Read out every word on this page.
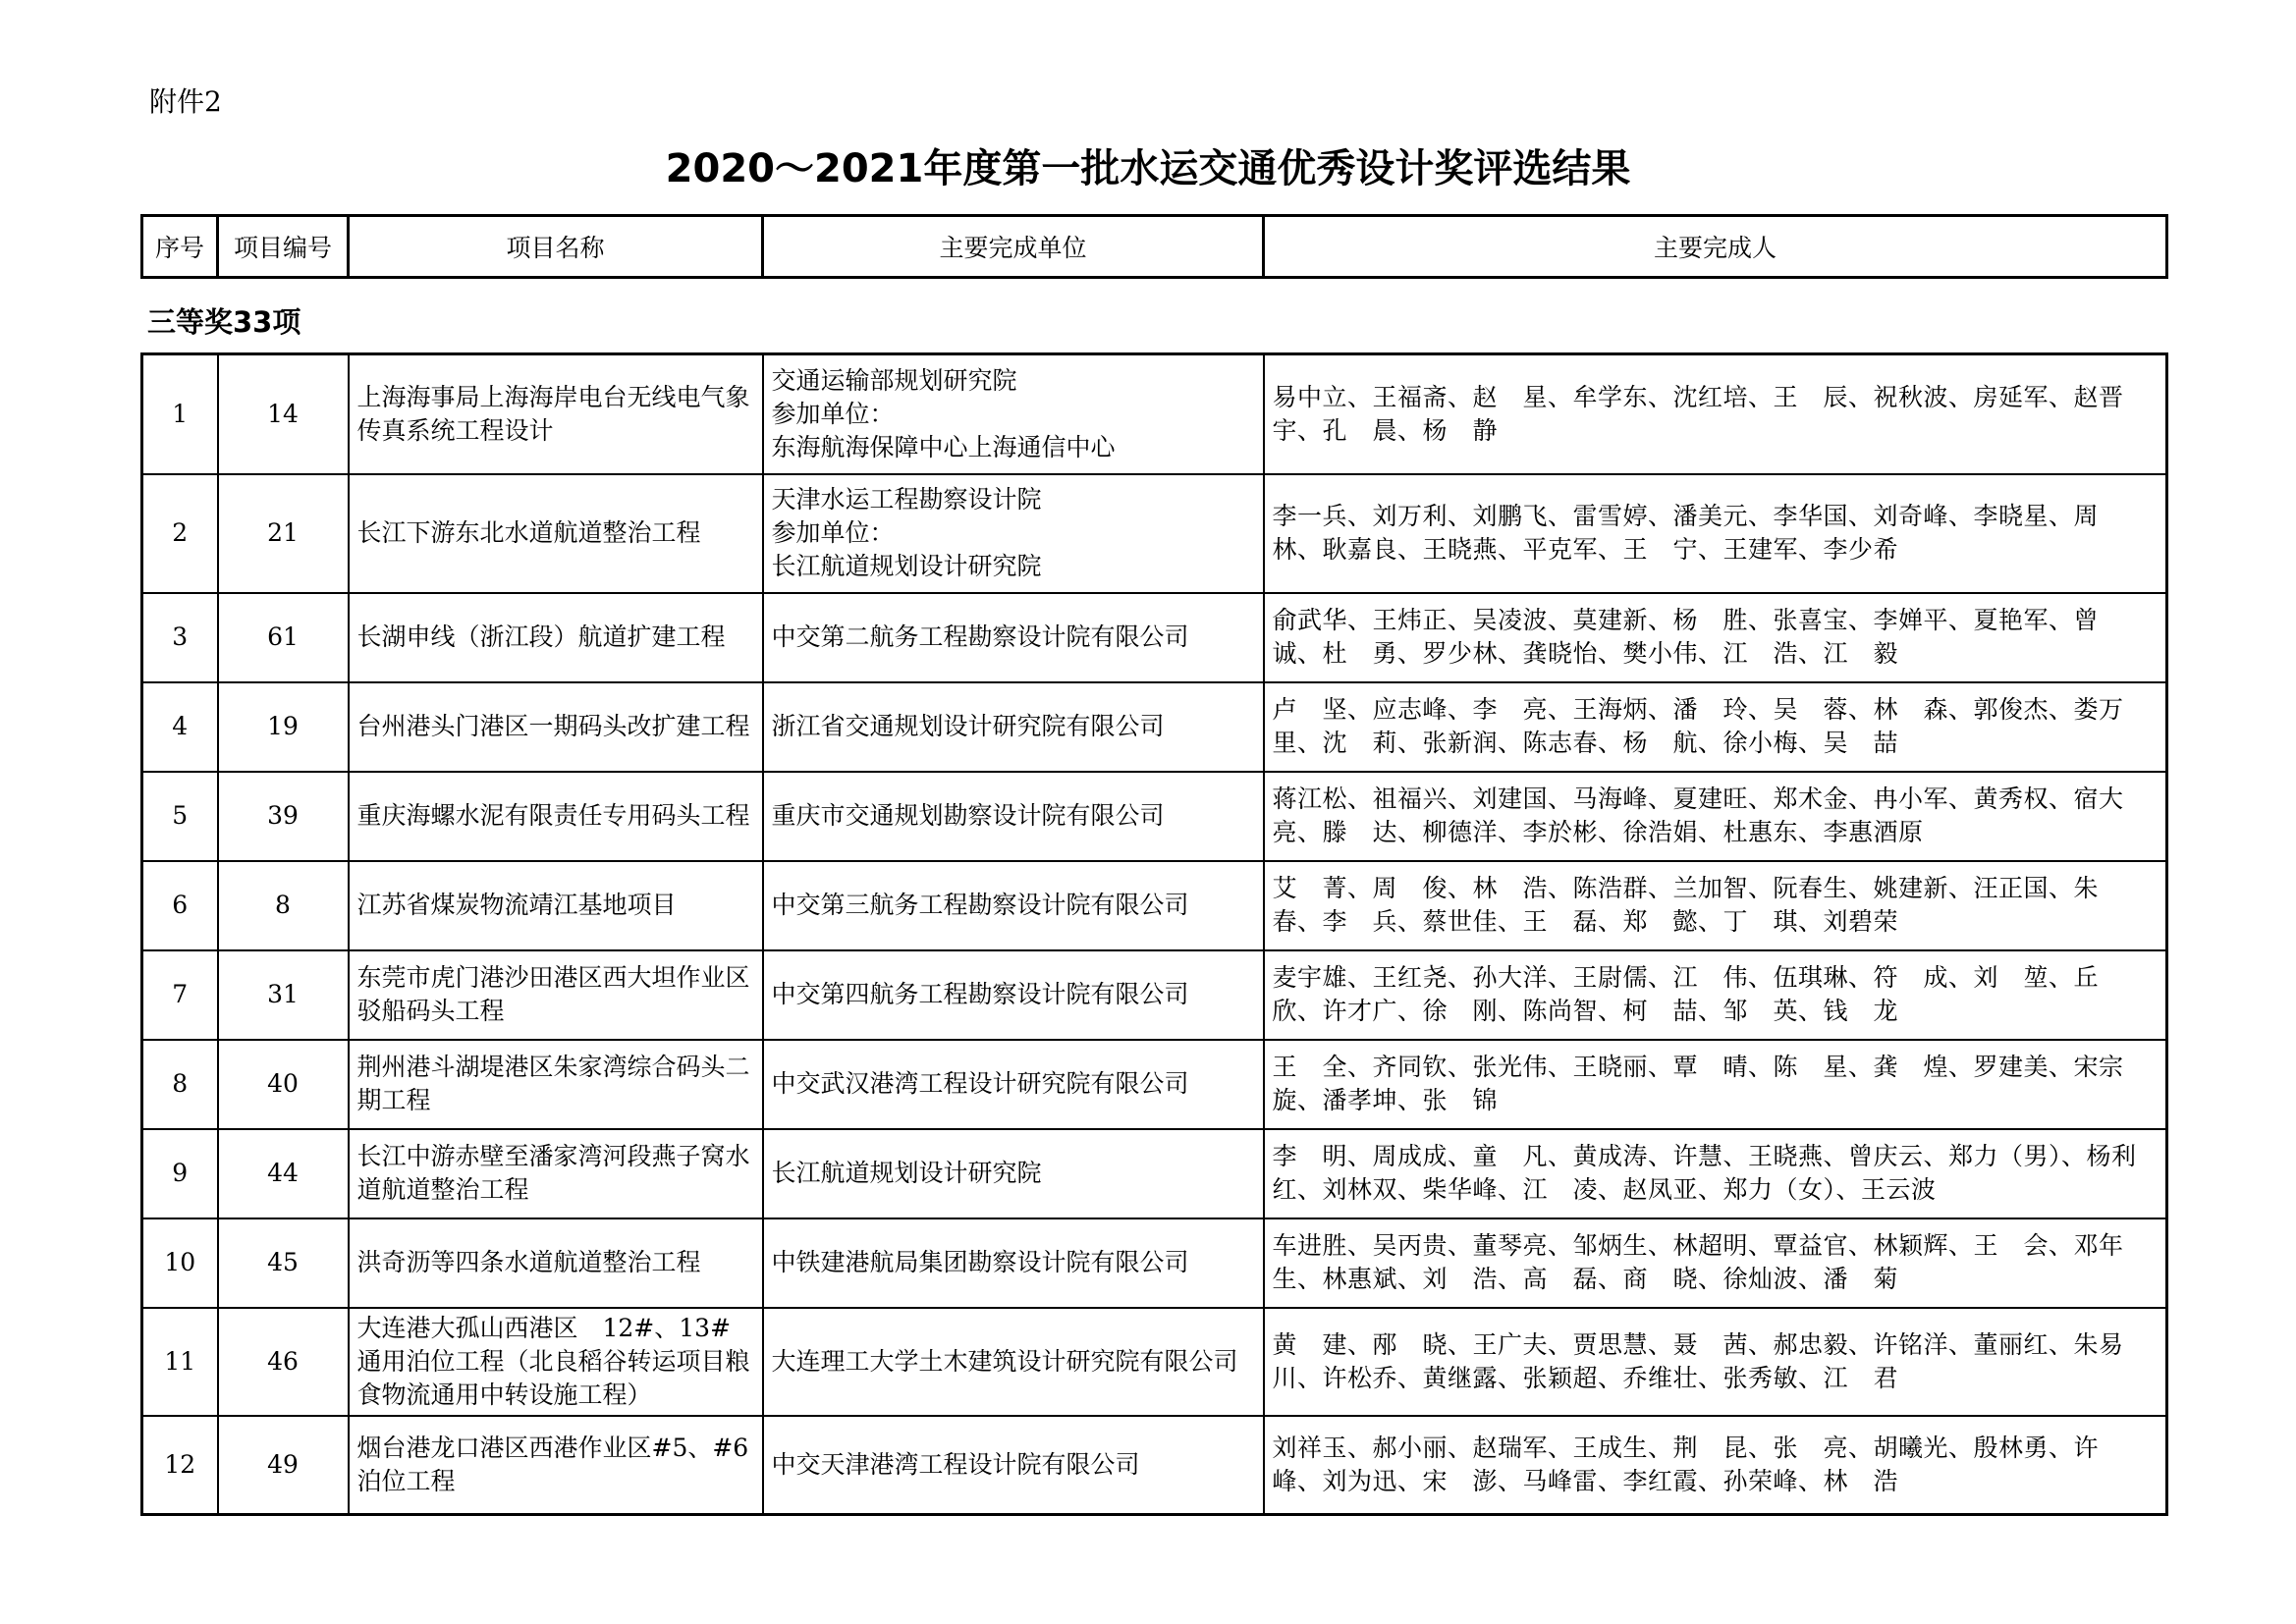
附件2
2020～2021年度第一批水运交通优秀设计奖评选结果
序号	项目编号	项目名称	主要完成单位	主要完成人
三等奖33项
1	14	上海海事局上海海岸电台无线电气象传真系统工程设计	交通运输部规划研究院
参加单位：
东海航海保障中心上海通信中心	易中立、王福斋、赵　星、牟学东、沈红培、王　辰、祝秋波、房延军、赵晋宇、孔　晨、杨　静
2	21	长江下游东北水道航道整治工程	天津水运工程勘察设计院
参加单位：
长江航道规划设计研究院	李一兵、刘万利、刘鹏飞、雷雪婷、潘美元、李华国、刘奇峰、李晓星、周　林、耿嘉良、王晓燕、平克军、王　宁、王建军、李少希
3	61	长湖申线（浙江段）航道扩建工程	中交第二航务工程勘察设计院有限公司	俞武华、王炜正、吴凌波、莫建新、杨　胜、张喜宝、李婵平、夏艳军、曾　诚、杜　勇、罗少林、龚晓怡、樊小伟、江　浩、江　毅
4	19	台州港头门港区一期码头改扩建工程	浙江省交通规划设计研究院有限公司	卢　坚、应志峰、李　亮、王海炳、潘　玲、吴　蓉、林　森、郭俊杰、娄万里、沈　莉、张新润、陈志春、杨　航、徐小梅、吴　喆
5	39	重庆海螺水泥有限责任专用码头工程	重庆市交通规划勘察设计院有限公司	蒋江松、祖福兴、刘建国、马海峰、夏建旺、郑术金、冉小军、黄秀权、宿大亮、滕　达、柳德洋、李於彬、徐浩娟、杜惠东、李惠酒原
6	8	江苏省煤炭物流靖江基地项目	中交第三航务工程勘察设计院有限公司	艾　菁、周　俊、林　浩、陈浩群、兰加智、阮春生、姚建新、汪正国、朱　春、李　兵、蔡世佳、王　磊、郑　懿、丁　琪、刘碧荣
7	31	东莞市虎门港沙田港区西大坦作业区驳船码头工程	中交第四航务工程勘察设计院有限公司	麦宇雄、王红尧、孙大洋、王尉儒、江　伟、伍琪琳、符　成、刘　堃、丘　欣、许才广、徐　刚、陈尚智、柯　喆、邹　英、钱　龙
8	40	荆州港斗湖堤港区朱家湾综合码头二期工程	中交武汉港湾工程设计研究院有限公司	王　全、齐同钦、张光伟、王晓丽、覃　晴、陈　星、龚　煌、罗建美、宋宗旋、潘孝坤、张　锦
9	44	长江中游赤壁至潘家湾河段燕子窝水道航道整治工程	长江航道规划设计研究院	李　明、周成成、童　凡、黄成涛、许慧、王晓燕、曾庆云、郑力（男）、杨利红、刘林双、柴华峰、江　凌、赵凤亚、郑力（女）、王云波
10	45	洪奇沥等四条水道航道整治工程	中铁建港航局集团勘察设计院有限公司	车进胜、吴丙贵、董琴亮、邹炳生、林超明、覃益官、林颖辉、王　会、邓年生、林惠斌、刘　浩、高　磊、商　晓、徐灿波、潘　菊
11	46	大连港大孤山西港区　12#、13#通用泊位工程（北良稻谷转运项目粮食物流通用中转设施工程）	大连理工大学土木建筑设计研究院有限公司	黄　建、邴　晓、王广夫、贾思慧、聂　茜、郝忠毅、许铭洋、董丽红、朱易川、许松乔、黄继露、张颖超、乔维壮、张秀敏、江　君
12	49	烟台港龙口港区西港作业区#5、#6泊位工程	中交天津港湾工程设计院有限公司	刘祥玉、郝小丽、赵瑞军、王成生、荆　昆、张　亮、胡曦光、殷林勇、许　峰、刘为迅、宋　澎、马峰雷、李红霞、孙荣峰、林　浩
